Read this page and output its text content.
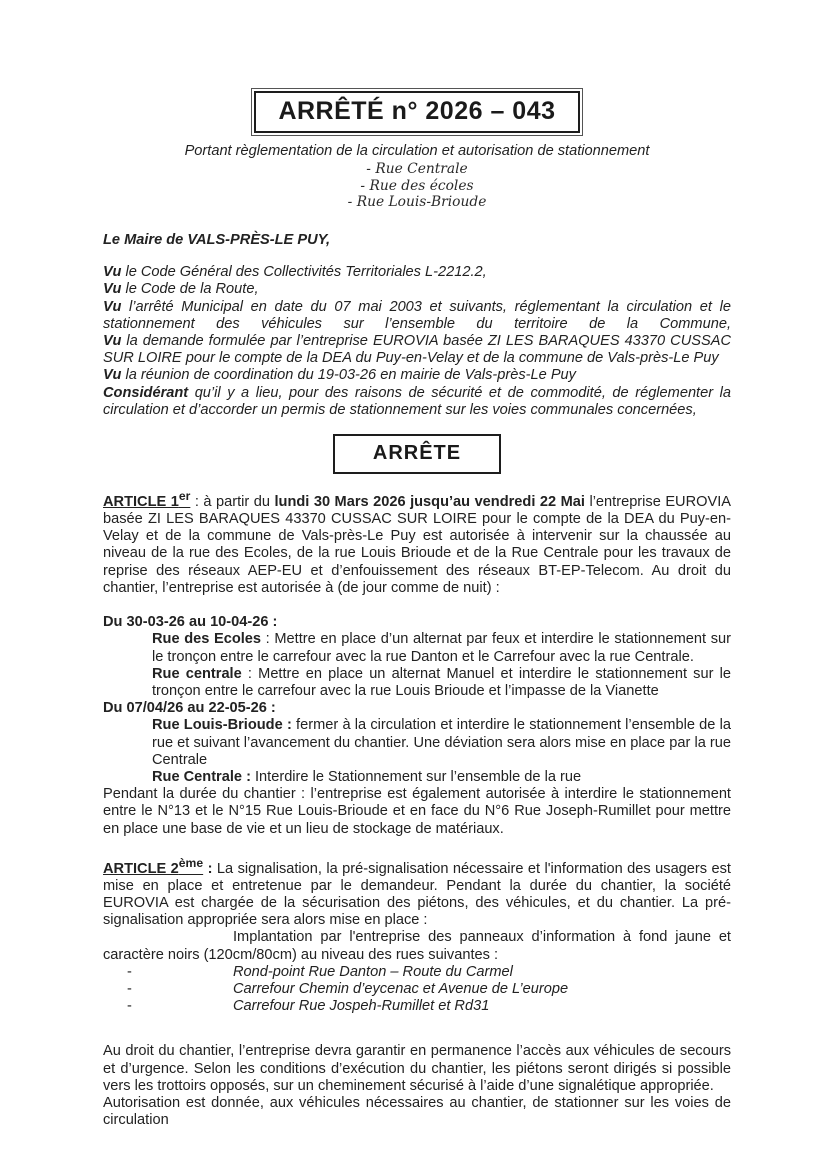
ARRÊTÉ n° 2026 – 043
Portant règlementation de la circulation et autorisation de stationnement
- Rue Centrale
- Rue des écoles
- Rue Louis-Brioude
Le Maire de VALS-PRÈS-LE PUY,

Vu le Code Général des Collectivités Territoriales L-2212.2,

Vu le Code de la Route,

Vu l’arrêté Municipal en date du 07 mai 2003 et suivants, réglementant la circulation et le stationnement des véhicules sur l’ensemble du territoire de la Commune,

Vu la demande formulée par l’entreprise EUROVIA basée ZI LES BARAQUES 43370 CUSSAC SUR LOIRE pour le compte de la DEA du Puy-en-Velay et de la commune de Vals-près-Le Puy

Vu la réunion de coordination du 19-03-26 en mairie de Vals-près-Le Puy

Considérant qu’il y a lieu, pour des raisons de sécurité et de commodité, de réglementer la circulation et d’accorder un permis de stationnement sur les voies communales concernées,

ARRÊTE

ARTICLE 1er : à partir du lundi 30 Mars 2026 jusqu’au vendredi 22 Mai l’entreprise EUROVIA basée ZI LES BARAQUES 43370 CUSSAC SUR LOIRE pour le compte de la DEA du Puy-en-Velay et de la commune de Vals-près-Le Puy est autorisée à intervenir sur la chaussée au niveau de la rue des Ecoles, de la rue Louis Brioude et de la Rue Centrale pour les travaux de reprise des réseaux AEP-EU et d’enfouissement des réseaux BT-EP-Telecom. Au droit du chantier, l’entreprise est autorisée à (de jour comme de nuit) :

Du 30-03-26 au 10-04-26 :

Rue des Ecoles : Mettre en place d’un alternat par feux et interdire le stationnement sur le tronçon entre le carrefour avec la rue Danton et le Carrefour avec la rue Centrale.

Rue centrale : Mettre en place un alternat Manuel et interdire le stationnement sur le tronçon entre le carrefour avec la rue Louis Brioude et l’impasse de la Vianette

Du 07/04/26 au 22-05-26 :

Rue Louis-Brioude : fermer à la circulation et interdire le stationnement l’ensemble de la rue et suivant l’avancement du chantier. Une déviation sera alors mise en place par la rue Centrale

Rue Centrale : Interdire le Stationnement sur l’ensemble de la rue

Pendant la durée du chantier : l’entreprise est également autorisée à interdire le stationnement entre le N°13 et le N°15 Rue Louis-Brioude et en face du N°6 Rue Joseph-Rumillet pour mettre en place une base de vie et un lieu de stockage de matériaux.

ARTICLE 2ème : La signalisation, la pré-signalisation nécessaire et l'information des usagers est mise en place et entretenue par le demandeur. Pendant la durée du chantier, la société EUROVIA est chargée de la sécurisation des piétons, des véhicules, et du chantier. La pré-signalisation appropriée sera alors mise en place :

Implantation par l'entreprise des panneaux d’information à fond jaune et caractère noirs (120cm/80cm) au niveau des rues suivantes :

-	Rond-point Rue Danton – Route du Carmel
-	Carrefour Chemin d’eycenac et Avenue de L’europe
-	Carrefour Rue Jospeh-Rumillet et Rd31

Au droit du chantier, l’entreprise devra garantir en permanence l’accès aux véhicules de secours et d’urgence. Selon les conditions d’exécution du chantier, les piétons seront dirigés si possible vers les trottoirs opposés, sur un cheminement sécurisé à l’aide d’une signalétique appropriée.

Autorisation est donnée, aux véhicules nécessaires au chantier, de stationner sur les voies de circulation
